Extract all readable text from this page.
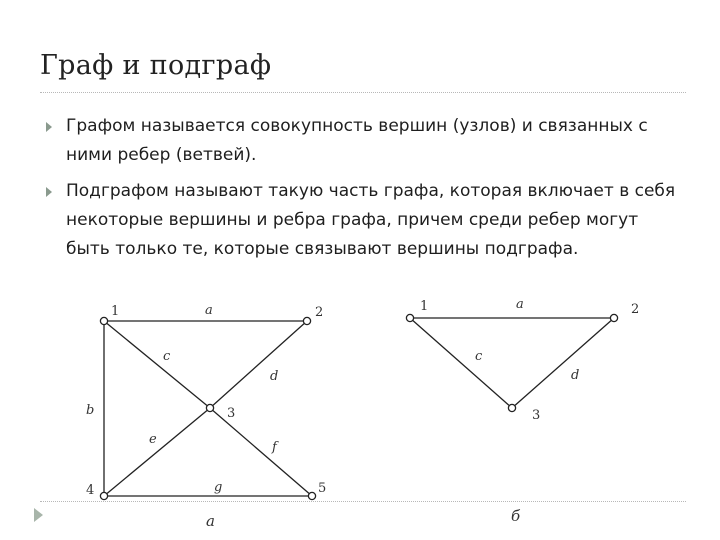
Граф и подграф
Графом называется совокупность вершин (узлов) и связанных с ними ребер (ветвей).
Подграфом называют такую часть графа, которая включает в себя некоторые вершины и ребра графа, причем среди ребер могут быть только те, которые связывают вершины подграфа.
1	2
3
4	5
a
b
c
d
e
f
g
а
1	2
3
a
c
d
б
